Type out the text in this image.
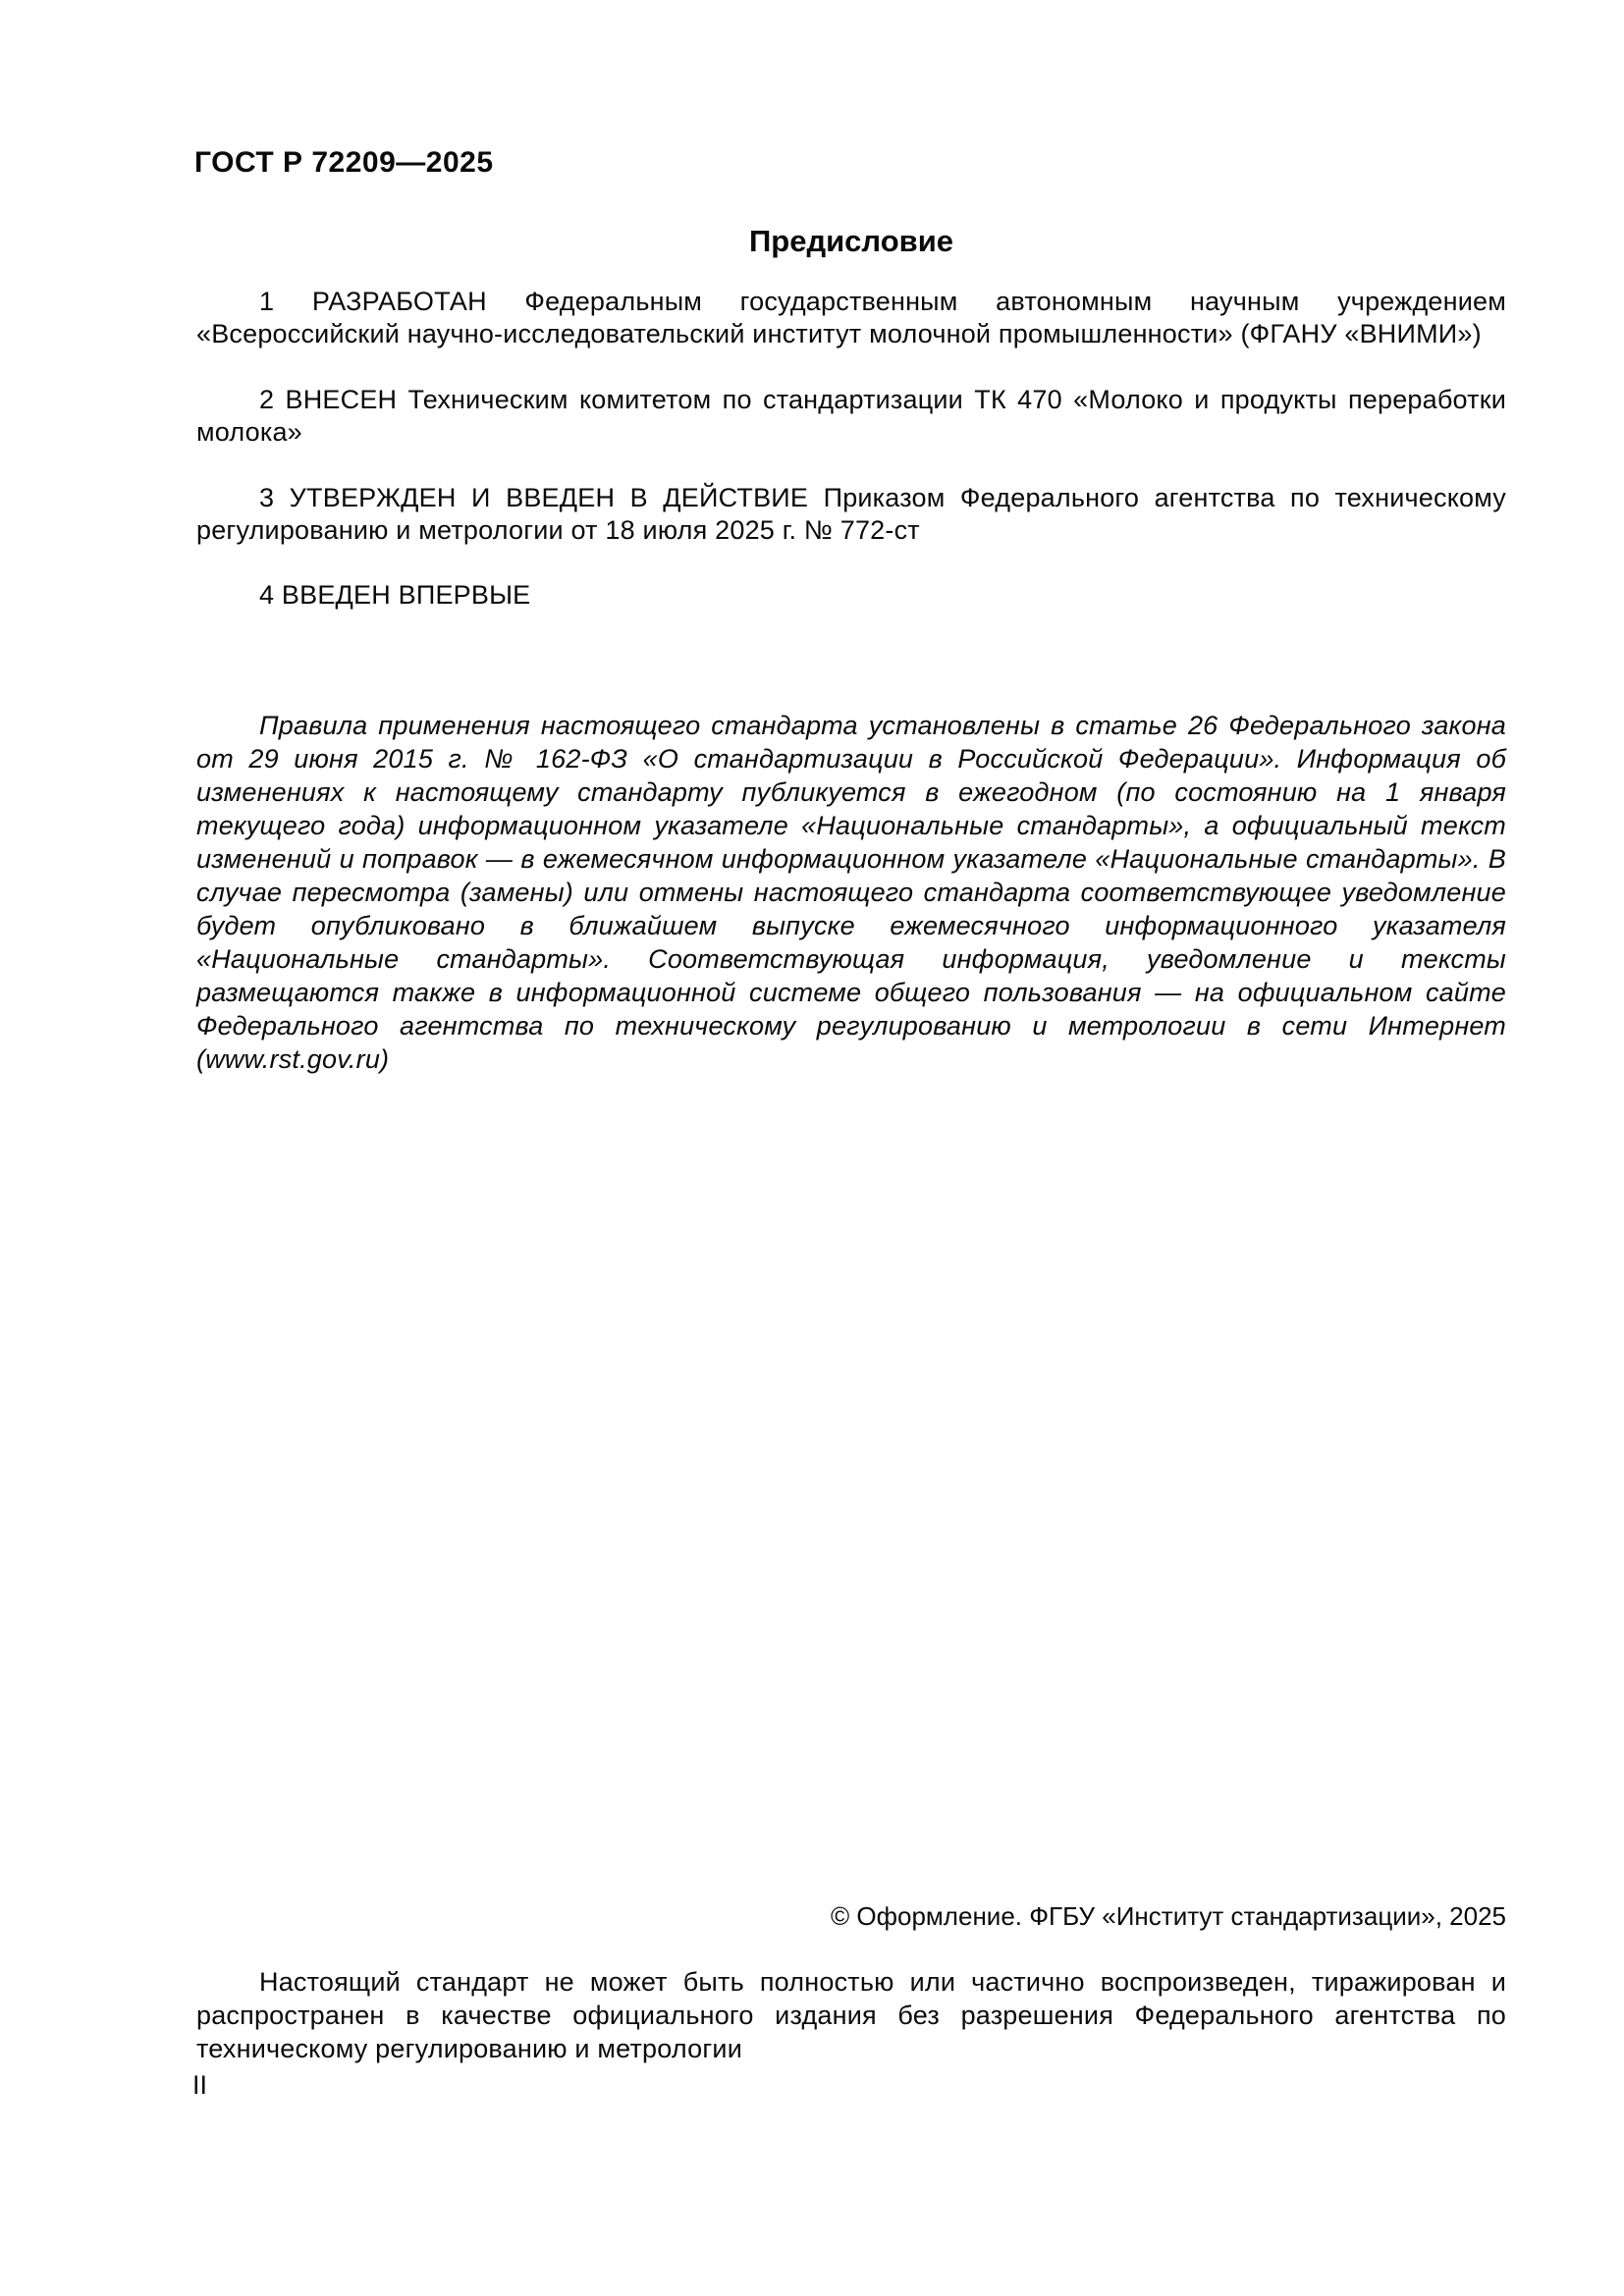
ГОСТ Р 72209—2025
Предисловие

1 РАЗРАБОТАН Федеральным государственным автономным научным учреждением «Всероссийский научно-исследовательский институт молочной промышленности» (ФГАНУ «ВНИМИ»)

2 ВНЕСЕН Техническим комитетом по стандартизации ТК 470 «Молоко и продукты переработки молока»

3 УТВЕРЖДЕН И ВВЕДЕН В ДЕЙСТВИЕ Приказом Федерального агентства по техническому регулированию и метрологии от 18 июля 2025 г. № 772-ст

4 ВВЕДЕН ВПЕРВЫЕ

Правила применения настоящего стандарта установлены в статье 26 Федерального закона от 29 июня 2015 г. № 162-ФЗ «О стандартизации в Российской Федерации». Информация об изменениях к настоящему стандарту публикуется в ежегодном (по состоянию на 1 января текущего года) информационном указателе «Национальные стандарты», а официальный текст изменений и поправок — в ежемесячном информационном указателе «Национальные стандарты». В случае пересмотра (замены) или отмены настоящего стандарта соответствующее уведомление будет опубликовано в ближайшем выпуске ежемесячного информационного указателя «Национальные стандарты». Соответствующая информация, уведомление и тексты размещаются также в информационной системе общего пользования — на официальном сайте Федерального агентства по техническому регулированию и метрологии в сети Интернет (www.rst.gov.ru)

© Оформление. ФГБУ «Институт стандартизации», 2025

Настоящий стандарт не может быть полностью или частично воспроизведен, тиражирован и распространен в качестве официального издания без разрешения Федерального агентства по техническому регулированию и метрологии

II
